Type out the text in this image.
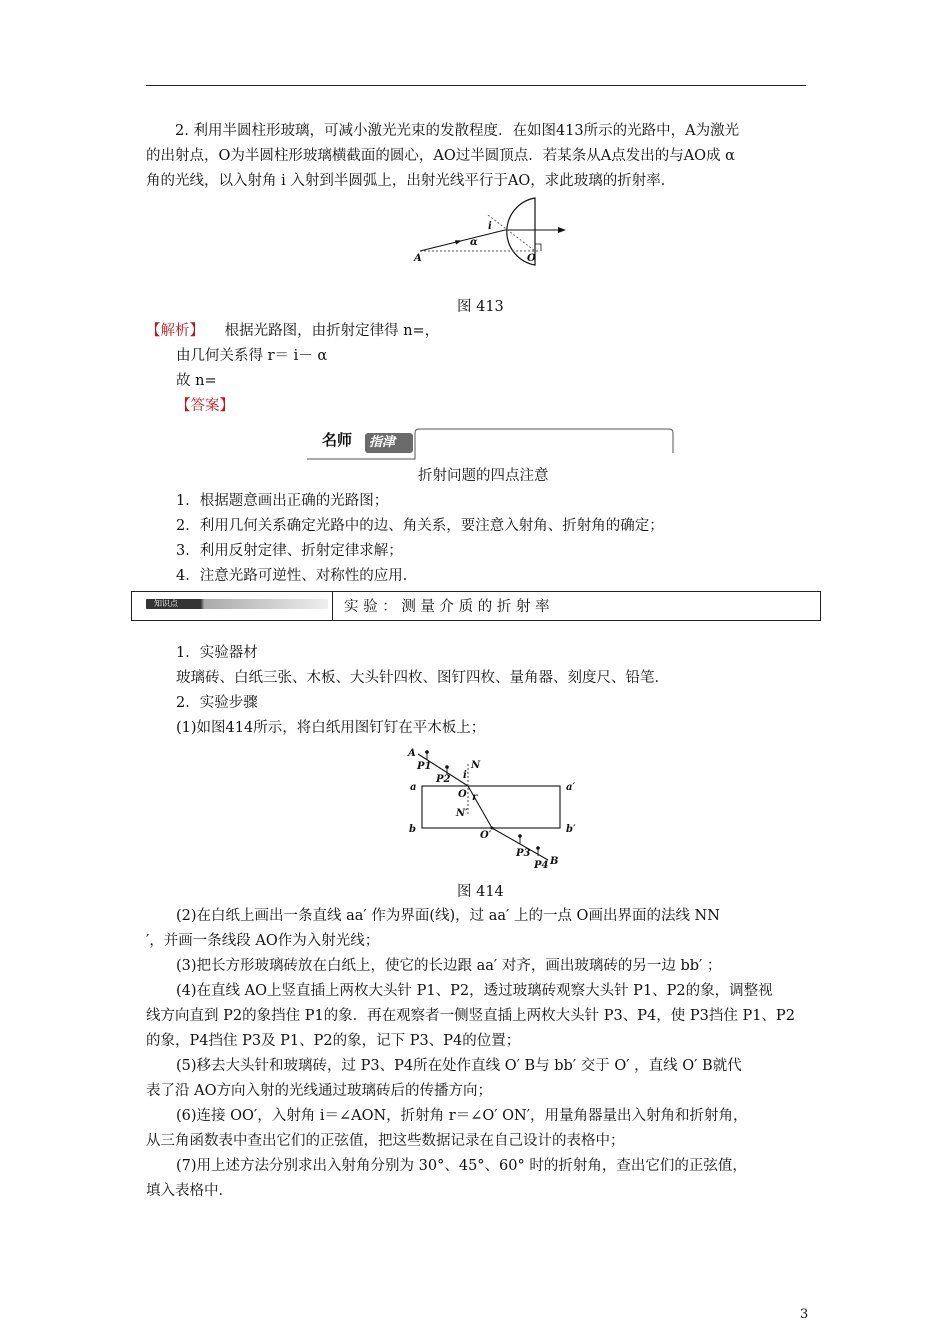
2. 利用半圆柱形玻璃，可减小激光光束的发散程度．在如图413所示的光路中，A为激光
的出射点，O为半圆柱形玻璃横截面的圆心，AO过半圆顶点．若某条从A点发出的与AO成 α
角的光线，以入射角 i 入射到半圆弧上，出射光线平行于AO，求此玻璃的折射率．
A	O
α
i
图 413
【解析】 根据光路图，由折射定律得 n=，
由几何关系得 r＝ i－ α
故 n=
【答案】
名师 指津
折射问题的四点注意
1．根据题意画出正确的光路图；
2．利用几何关系确定光路中的边、角关系，要注意入射角、折射角的确定；
3．利用反射定律、折射定律求解；
4．注意光路可逆性、对称性的应用．
知识点	实 验 ： 测 量 介 质 的 折 射 率
1．实验器材
玻璃砖、白纸三张、木板、大头针四枚、图钉四枚、量角器、刻度尺、铅笔．
2．实验步骤
(1)如图414所示，将白纸用图钉钉在平木板上；
A
P1
P2
N
i
O r
N′
a	a′
b	b′
O′
P3
P4 B
图 414
(2)在白纸上画出一条直线 aa′ 作为界面(线)，过 aa′ 上的一点 O画出界面的法线 NN
′，并画一条线段 AO作为入射光线；
(3)把长方形玻璃砖放在白纸上，使它的长边跟 aa′ 对齐，画出玻璃砖的另一边 bb′ ；
(4)在直线 AO上竖直插上两枚大头针 P1、P2，透过玻璃砖观察大头针 P1、P2的象，调整视
线方向直到 P2的象挡住 P1的象．再在观察者一侧竖直插上两枚大头针 P3、P4，使 P3挡住 P1、P2
的象，P4挡住 P3及 P1、P2的象，记下 P3、P4的位置；
(5)移去大头针和玻璃砖，过 P3、P4所在处作直线 O′ B与 bb′ 交于 O′ ，直线 O′ B就代
表了沿 AO方向入射的光线通过玻璃砖后的传播方向；
(6)连接 OO′，入射角 i＝∠AON，折射角 r＝∠O′ ON′，用量角器量出入射角和折射角，
从三角函数表中查出它们的正弦值，把这些数据记录在自己设计的表格中；
(7)用上述方法分别求出入射角分别为 30°、45°、60° 时的折射角，查出它们的正弦值，
填入表格中．
3
